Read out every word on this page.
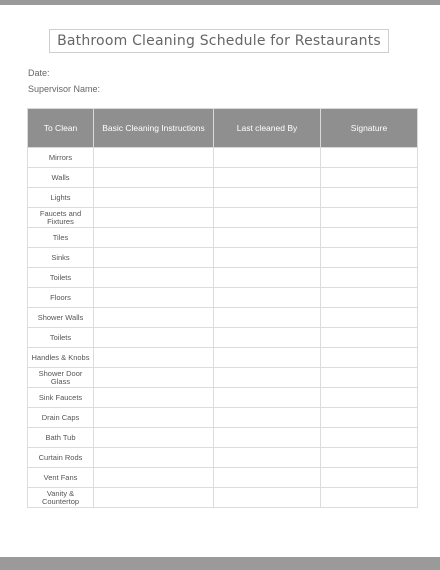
Bathroom Cleaning Schedule for Restaurants
Date:
Supervisor Name:
To Clean	Basic Cleaning Instructions	Last cleaned By	Signature
Mirrors			
Walls			
Lights			
Faucets and Fixtures			
Tiles			
Sinks			
Toilets			
Floors			
Shower Walls			
Toilets			
Handles & Knobs			
Shower Door Glass			
Sink Faucets			
Drain Caps			
Bath Tub			
Curtain Rods			
Vent Fans			
Vanity & Countertop			
